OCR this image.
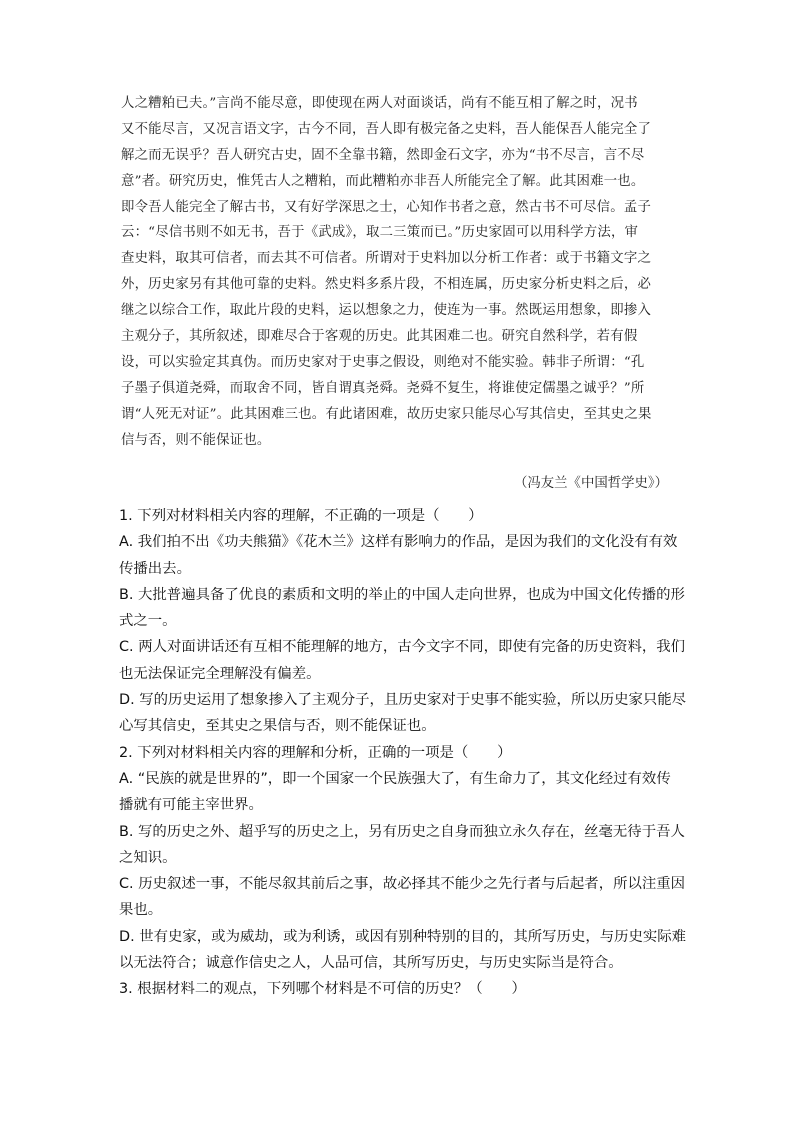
人之糟粕已夫。”言尚不能尽意，即使现在两人对面谈话，尚有不能互相了解之时，况书
又不能尽言，又况言语文字，古今不同，吾人即有极完备之史料，吾人能保吾人能完全了
解之而无误乎？吾人研究古史，固不全靠书籍，然即金石文字，亦为“书不尽言，言不尽
意”者。研究历史，惟凭古人之糟粕，而此糟粕亦非吾人所能完全了解。此其困难一也。
即令吾人能完全了解古书，又有好学深思之士，心知作书者之意，然古书不可尽信。孟子
云：“尽信书则不如无书，吾于《武成》，取二三策而已。”历史家固可以用科学方法，审
查史料，取其可信者，而去其不可信者。所谓对于史料加以分析工作者：或于书籍文字之
外，历史家另有其他可靠的史料。然史料多系片段，不相连属，历史家分析史料之后，必
继之以综合工作，取此片段的史料，运以想象之力，使连为一事。然既运用想象，即掺入
主观分子，其所叙述，即难尽合于客观的历史。此其困难二也。研究自然科学，若有假
设，可以实验定其真伪。而历史家对于史事之假设，则绝对不能实验。韩非子所谓：“孔
子墨子俱道尧舜，而取舍不同，皆自谓真尧舜。尧舜不复生，将谁使定儒墨之诚乎？”所
谓“人死无对证”。此其困难三也。有此诸困难，故历史家只能尽心写其信史，至其史之果
信与否，则不能保证也。
（冯友兰《中国哲学史》）
1. 下列对材料相关内容的理解，不正确的一项是（　　）
A. 我们拍不出《功夫熊猫》《花木兰》这样有影响力的作品，是因为我们的文化没有有效
传播出去。
B. 大批普遍具备了优良的素质和文明的举止的中国人走向世界，也成为中国文化传播的形
式之一。
C. 两人对面讲话还有互相不能理解的地方，古今文字不同，即使有完备的历史资料，我们
也无法保证完全理解没有偏差。
D. 写的历史运用了想象掺入了主观分子，且历史家对于史事不能实验，所以历史家只能尽
心写其信史，至其史之果信与否，则不能保证也。
2. 下列对材料相关内容的理解和分析，正确的一项是（　　）
A. “民族的就是世界的”，即一个国家一个民族强大了，有生命力了，其文化经过有效传
播就有可能主宰世界。
B. 写的历史之外、超乎写的历史之上，另有历史之自身而独立永久存在，丝毫无待于吾人
之知识。
C. 历史叙述一事，不能尽叙其前后之事，故必择其不能少之先行者与后起者，所以注重因
果也。
D. 世有史家，或为威劫，或为利诱，或因有别种特别的目的，其所写历史，与历史实际难
以无法符合；诚意作信史之人，人品可信，其所写历史，与历史实际当是符合。
3. 根据材料二的观点，下列哪个材料是不可信的历史？（　　）
